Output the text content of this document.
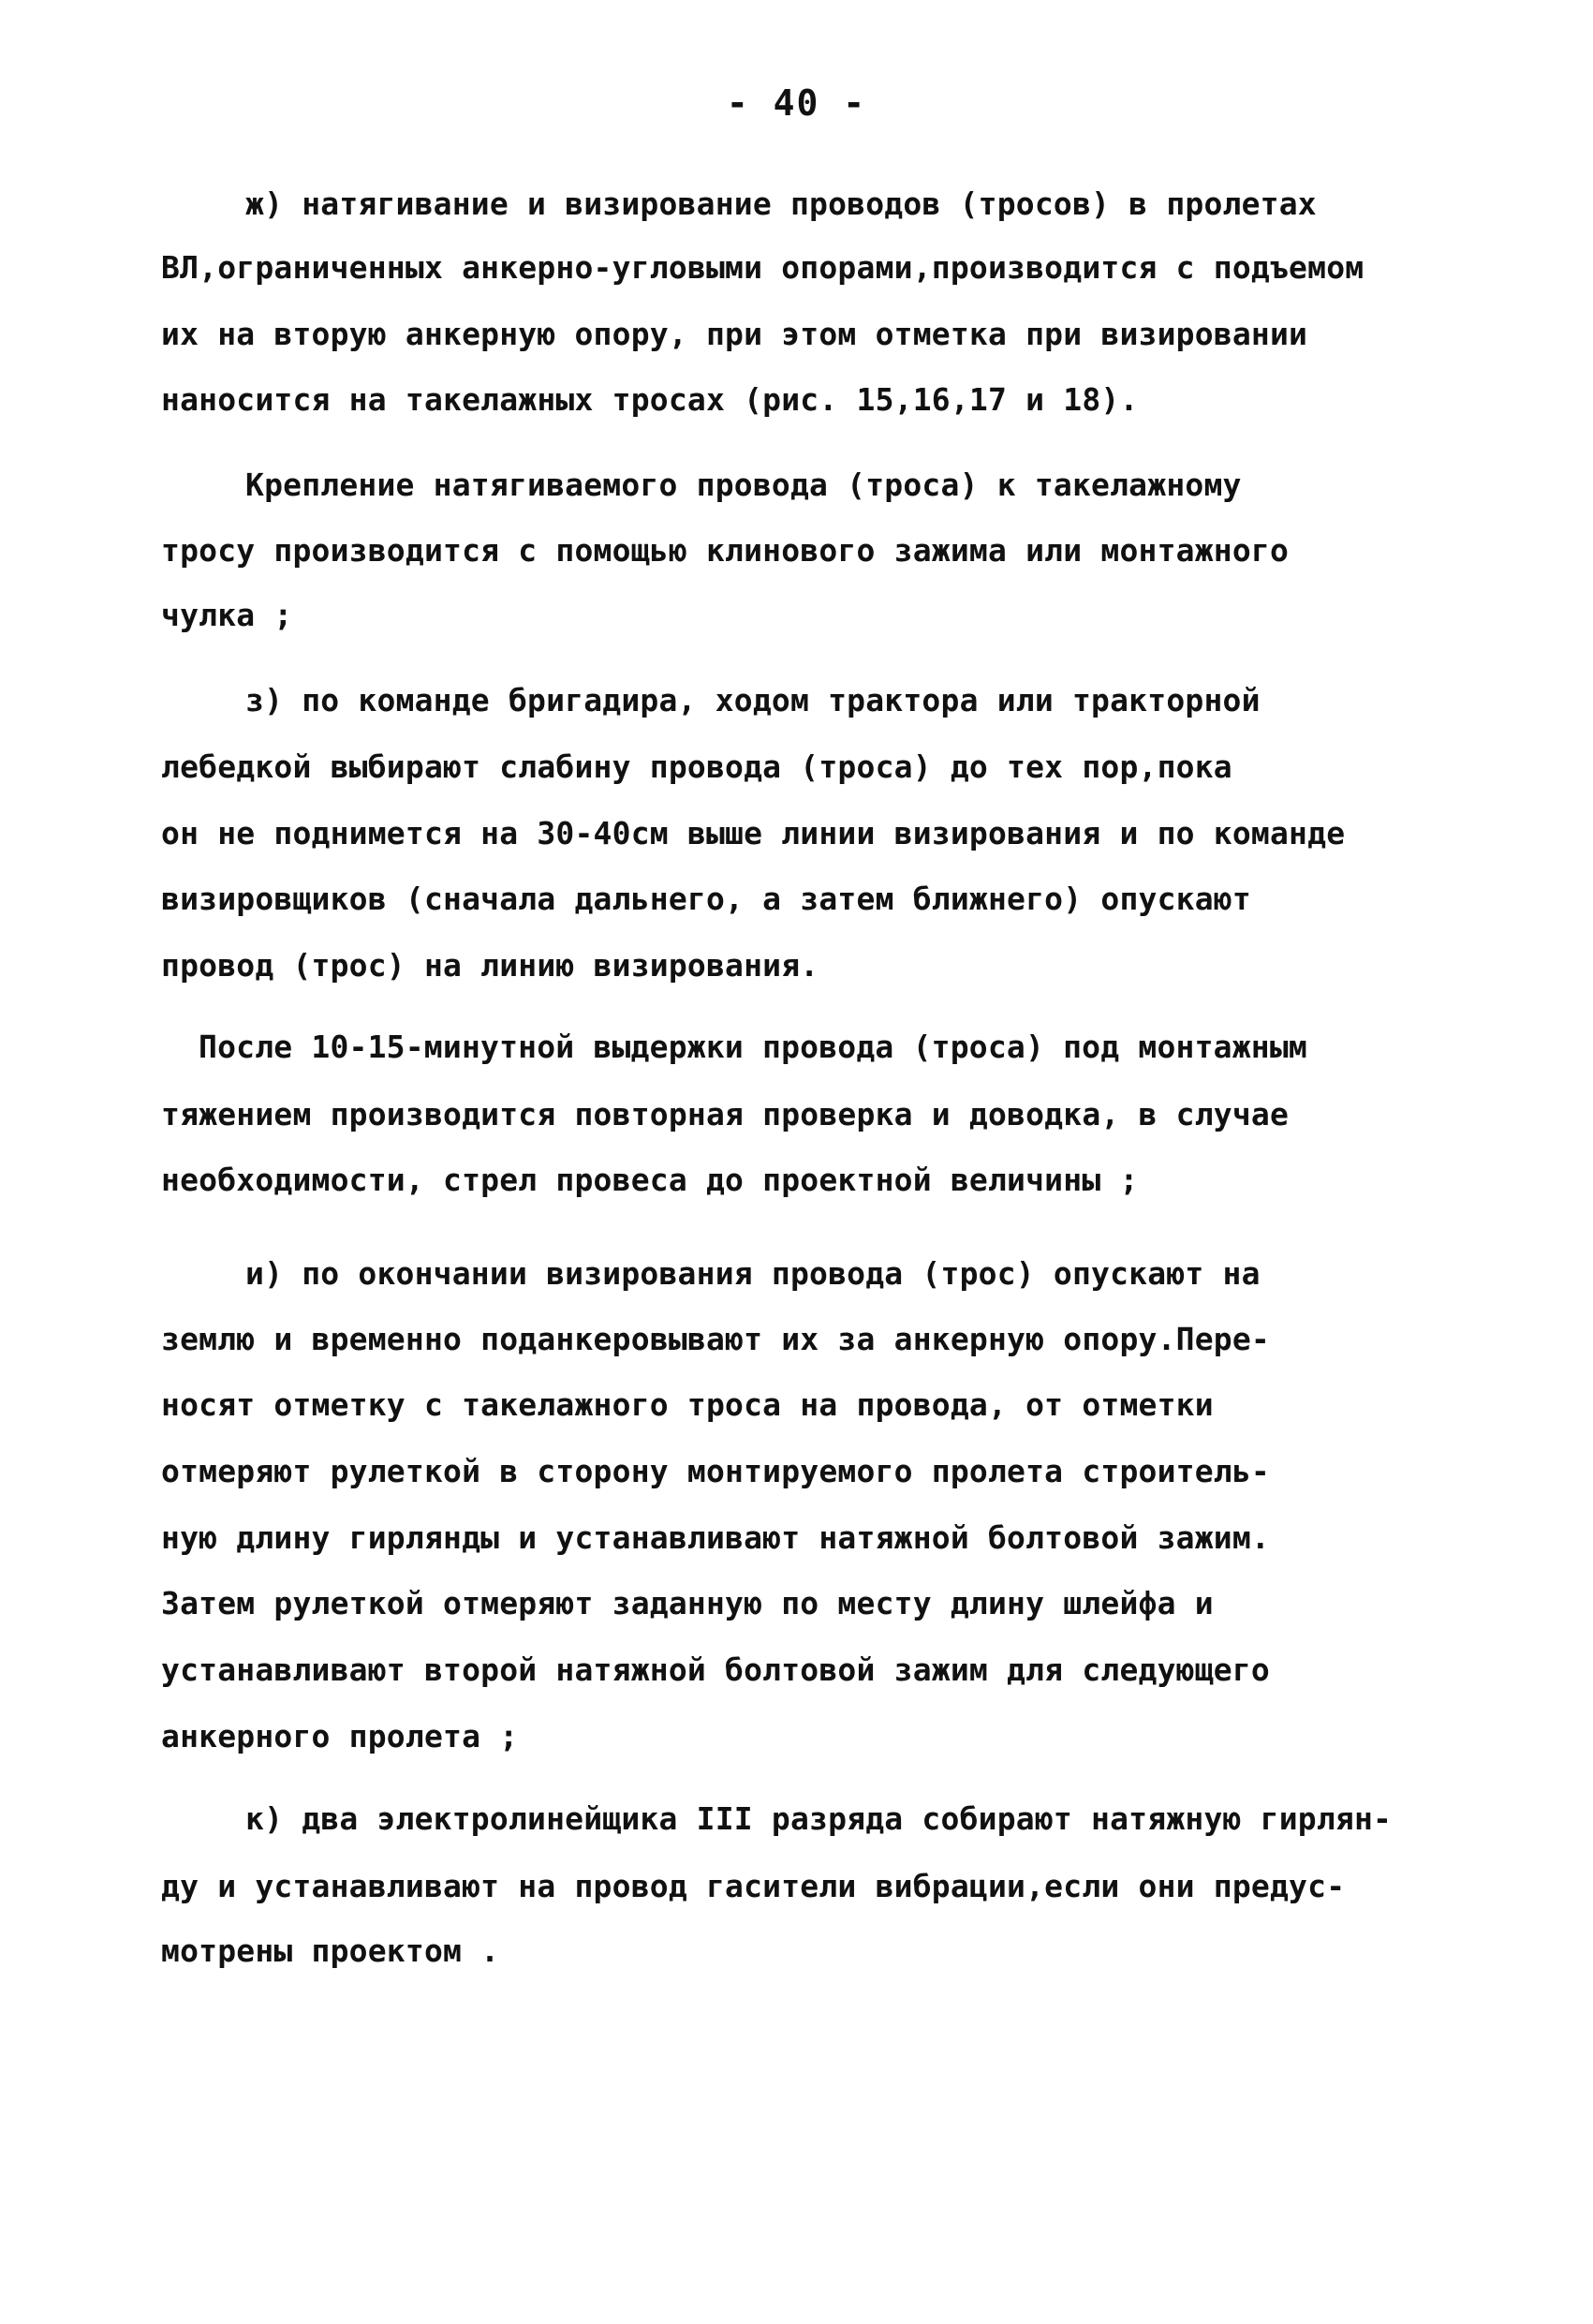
- 40 -
ж) натягивание и визирование проводов (тросов) в пролетах
ВЛ,ограниченных анкерно-угловыми опорами,производится с подъемом
их на вторую анкерную опору, при этом отметка при визировании
наносится на такелажных тросах (рис. 15,16,17 и 18).
Крепление натягиваемого провода (троса) к такелажному
тросу производится с помощью клинового зажима или монтажного
чулка ;
з) по команде бригадира, ходом трактора или тракторной
лебедкой выбирают слабину провода (троса) до тех пор,пока
он не поднимется на 30-40см выше линии визирования и по команде
визировщиков (сначала дальнего, а затем ближнего) опускают
провод (трос) на линию визирования.
После 10-15-минутной выдержки провода (троса) под монтажным
тяжением производится повторная проверка и доводка, в случае
необходимости, стрел провеса до проектной величины ;
и) по окончании визирования провода (трос) опускают на
землю и временно поданкеровывают их за анкерную опору.Пере-
носят отметку с такелажного троса на провода, от отметки
отмеряют рулеткой в сторону монтируемого пролета строитель-
ную длину гирлянды и устанавливают натяжной болтовой зажим.
Затем рулеткой отмеряют заданную по месту длину шлейфа и
устанавливают второй натяжной болтовой зажим для следующего
анкерного пролета ;
к) два электролинейщика III разряда собирают натяжную гирлян-
ду и устанавливают на провод гасители вибрации,если они предус-
мотрены проектом .
